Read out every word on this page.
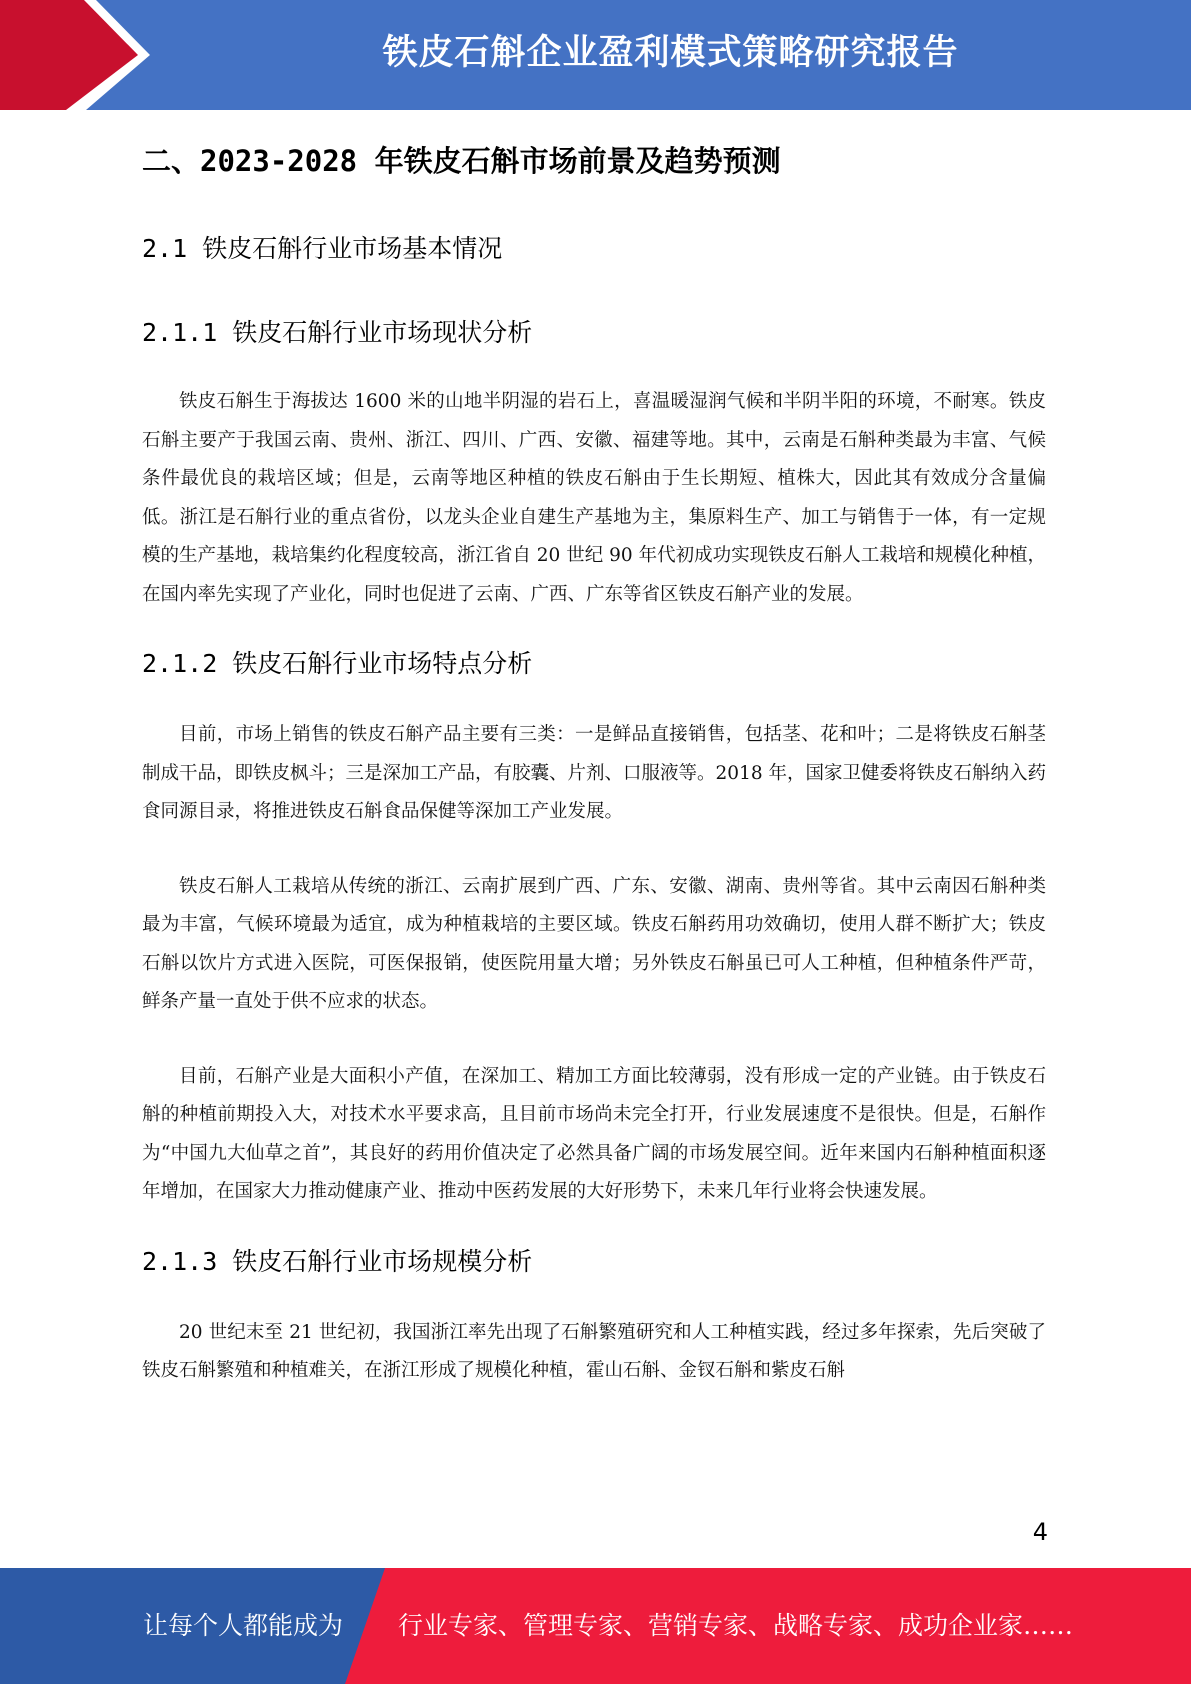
铁皮石斛企业盈利模式策略研究报告
二、2023-2028 年铁皮石斛市场前景及趋势预测
2.1 铁皮石斛行业市场基本情况
2.1.1 铁皮石斛行业市场现状分析

铁皮石斛生于海拔达 1600 米的山地半阴湿的岩石上，喜温暖湿润气候和半阴半阳的环境，不耐寒。铁皮石斛主要产于我国云南、贵州、浙江、四川、广西、安徽、福建等地。其中，云南是石斛种类最为丰富、气候条件最优良的栽培区域；但是，云南等地区种植的铁皮石斛由于生长期短、植株大，因此其有效成分含量偏低。浙江是石斛行业的重点省份，以龙头企业自建生产基地为主，集原料生产、加工与销售于一体，有一定规模的生产基地，栽培集约化程度较高，浙江省自 20 世纪 90 年代初成功实现铁皮石斛人工栽培和规模化种植，在国内率先实现了产业化，同时也促进了云南、广西、广东等省区铁皮石斛产业的发展。

2.1.2 铁皮石斛行业市场特点分析

目前，市场上销售的铁皮石斛产品主要有三类：一是鲜品直接销售，包括茎、花和叶；二是将铁皮石斛茎制成干品，即铁皮枫斗；三是深加工产品，有胶囊、片剂、口服液等。2018 年，国家卫健委将铁皮石斛纳入药食同源目录，将推进铁皮石斛食品保健等深加工产业发展。

铁皮石斛人工栽培从传统的浙江、云南扩展到广西、广东、安徽、湖南、贵州等省。其中云南因石斛种类最为丰富，气候环境最为适宜，成为种植栽培的主要区域。铁皮石斛药用功效确切，使用人群不断扩大；铁皮石斛以饮片方式进入医院，可医保报销，使医院用量大增；另外铁皮石斛虽已可人工种植，但种植条件严苛，鲜条产量一直处于供不应求的状态。

目前，石斛产业是大面积小产值，在深加工、精加工方面比较薄弱，没有形成一定的产业链。由于铁皮石斛的种植前期投入大，对技术水平要求高，且目前市场尚未完全打开，行业发展速度不是很快。但是，石斛作为“中国九大仙草之首”，其良好的药用价值决定了必然具备广阔的市场发展空间。近年来国内石斛种植面积逐年增加，在国家大力推动健康产业、推动中医药发展的大好形势下，未来几年行业将会快速发展。

2.1.3 铁皮石斛行业市场规模分析

20 世纪末至 21 世纪初，我国浙江率先出现了石斛繁殖研究和人工种植实践，经过多年探索，先后突破了铁皮石斛繁殖和种植难关，在浙江形成了规模化种植，霍山石斛、金钗石斛和紫皮石斛

4
让每个人都能成为 行业专家、管理专家、营销专家、战略专家、成功企业家……
